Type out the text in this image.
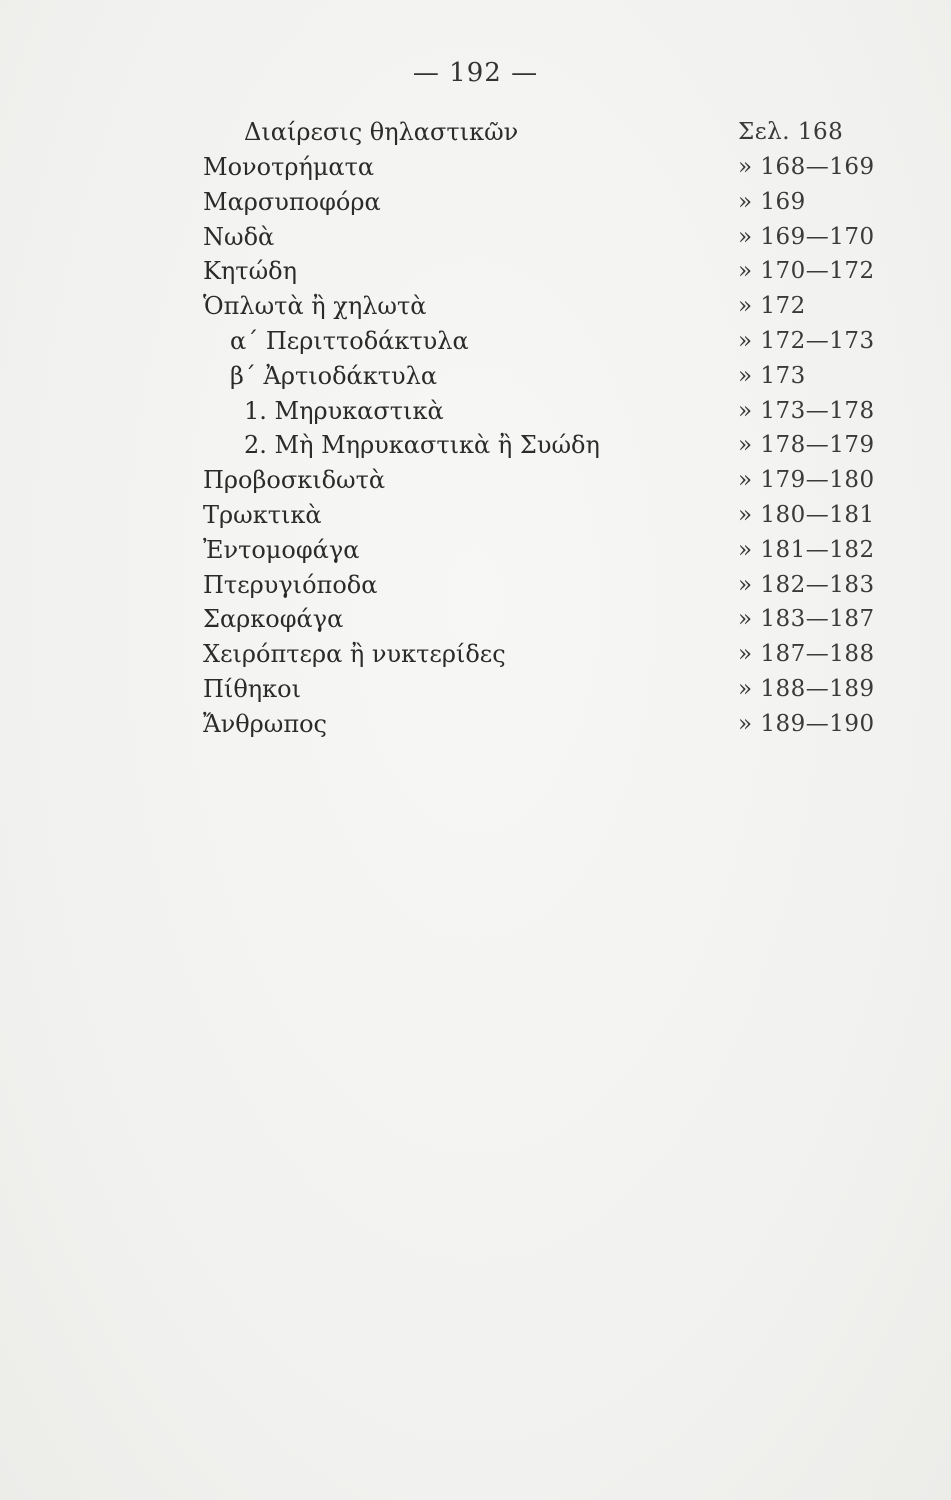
— 192 —
Διαίρεσις θηλαστικῶν	Σελ. 168
Μονοτρήματα	» 168—169
Μαρσυποφόρα	» 169
Νωδὰ	» 169—170
Κητώδη	» 170—172
Ὁπλωτὰ ἢ χηλωτὰ	» 172
α΄ Περιττοδάκτυλα	» 172—173
β΄ Ἀρτιοδάκτυλα	» 173
1. Μηρυκαστικὰ	» 173—178
2. Μὴ Μηρυκαστικὰ ἢ Συώδη	» 178—179
Προβοσκιδωτὰ	» 179—180
Τρωκτικὰ	» 180—181
Ἐντομοφάγα	» 181—182
Πτερυγιόποδα	» 182—183
Σαρκοφάγα	» 183—187
Χειρόπτερα ἢ νυκτερίδες	» 187—188
Πίθηκοι	» 188—189
Ἄνθρωπος	» 189—190
